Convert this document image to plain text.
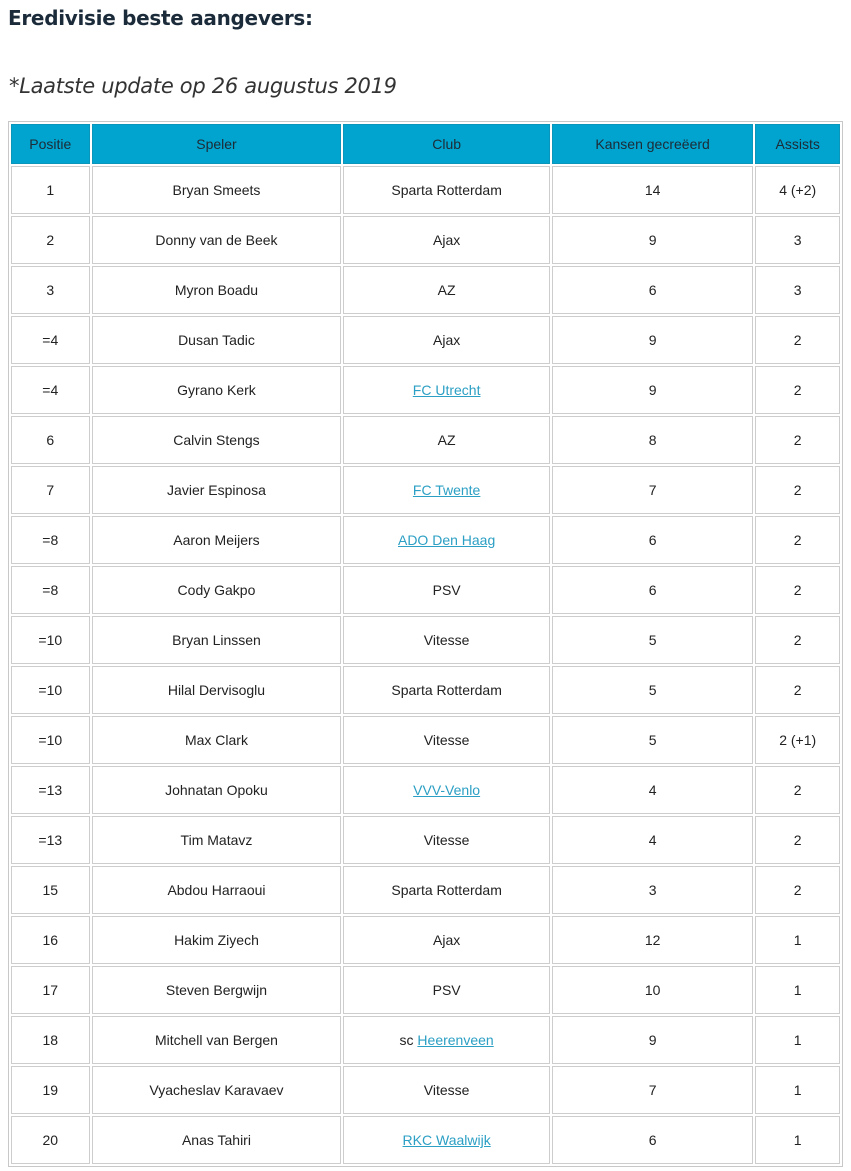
Eredivisie beste aangevers:

*Laatste update op 26 augustus 2019

Positie	Speler	Club	Kansen gecreëerd	Assists
1	Bryan Smeets	Sparta Rotterdam	14	4 (+2)
2	Donny van de Beek	Ajax	9	3
3	Myron Boadu	AZ	6	3
=4	Dusan Tadic	Ajax	9	2
=4	Gyrano Kerk	FC Utrecht	9	2
6	Calvin Stengs	AZ	8	2
7	Javier Espinosa	FC Twente	7	2
=8	Aaron Meijers	ADO Den Haag	6	2
=8	Cody Gakpo	PSV	6	2
=10	Bryan Linssen	Vitesse	5	2
=10	Hilal Dervisoglu	Sparta Rotterdam	5	2
=10	Max Clark	Vitesse	5	2 (+1)
=13	Johnatan Opoku	VVV-Venlo	4	2
=13	Tim Matavz	Vitesse	4	2
15	Abdou Harraoui	Sparta Rotterdam	3	2
16	Hakim Ziyech	Ajax	12	1
17	Steven Bergwijn	PSV	10	1
18	Mitchell van Bergen	sc Heerenveen	9	1
19	Vyacheslav Karavaev	Vitesse	7	1
20	Anas Tahiri	RKC Waalwijk	6	1
